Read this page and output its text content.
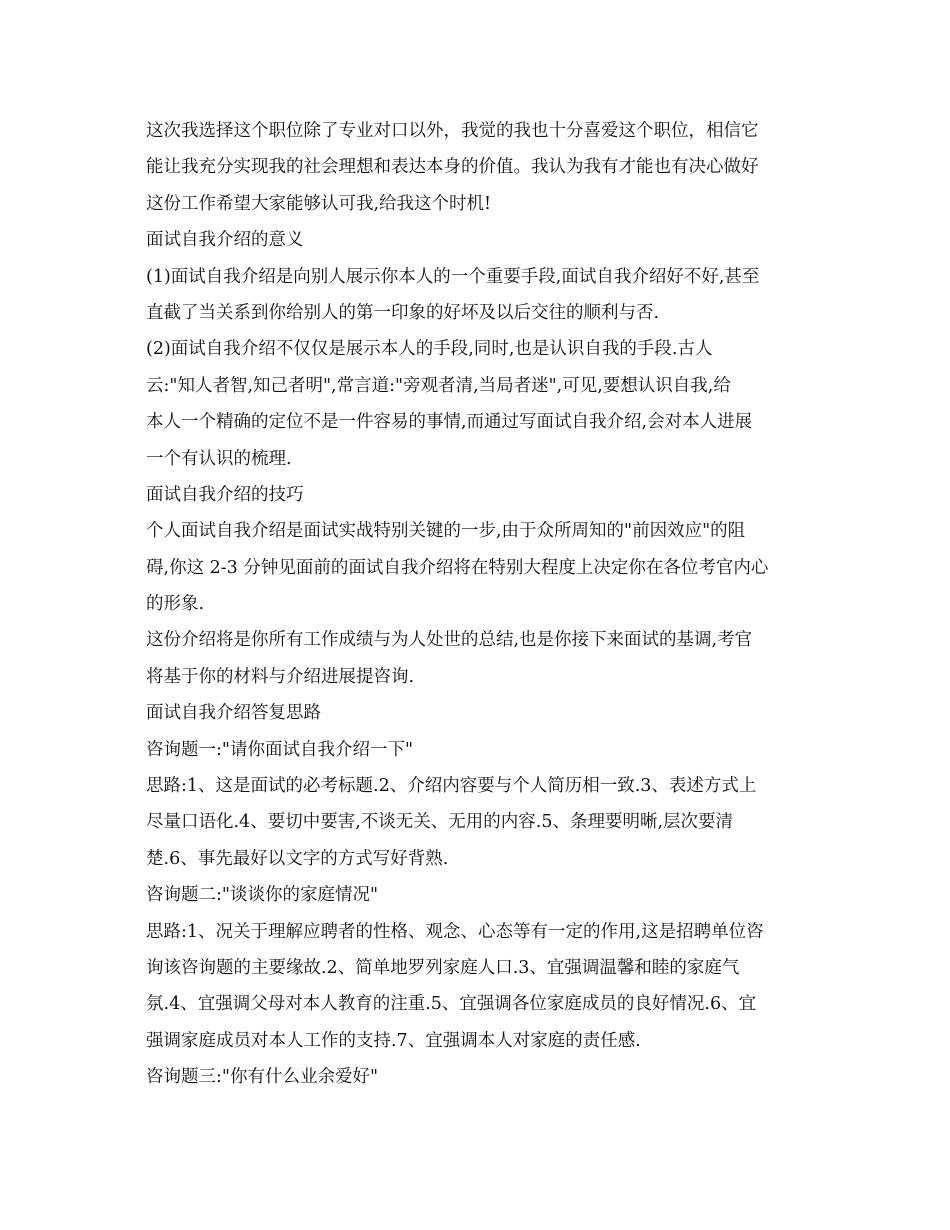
这次我选择这个职位除了专业对口以外，我觉的我也十分喜爱这个职位，相信它
能让我充分实现我的社会理想和表达本身的价值。我认为我有才能也有决心做好
这份工作希望大家能够认可我,给我这个时机!
面试自我介绍的意义
(1)面试自我介绍是向别人展示你本人的一个重要手段,面试自我介绍好不好,甚至
直截了当关系到你给别人的第一印象的好坏及以后交往的顺利与否.
(2)面试自我介绍不仅仅是展示本人的手段,同时,也是认识自我的手段.古人
云:"知人者智,知己者明",常言道:"旁观者清,当局者迷",可见,要想认识自我,给
本人一个精确的定位不是一件容易的事情,而通过写面试自我介绍,会对本人进展
一个有认识的梳理.
面试自我介绍的技巧
个人面试自我介绍是面试实战特别关键的一步,由于众所周知的"前因效应"的阻
碍,你这 2-3 分钟见面前的面试自我介绍将在特别大程度上决定你在各位考官内心
的形象.
这份介绍将是你所有工作成绩与为人处世的总结,也是你接下来面试的基调,考官
将基于你的材料与介绍进展提咨询.
面试自我介绍答复思路
咨询题一:"请你面试自我介绍一下"
思路:1、这是面试的必考标题.2、介绍内容要与个人简历相一致.3、表述方式上
尽量口语化.4、要切中要害,不谈无关、无用的内容.5、条理要明晰,层次要清
楚.6、事先最好以文字的方式写好背熟.
咨询题二:"谈谈你的家庭情况"
思路:1、况关于理解应聘者的性格、观念、心态等有一定的作用,这是招聘单位咨
询该咨询题的主要缘故.2、简单地罗列家庭人口.3、宜强调温馨和睦的家庭气
氛.4、宜强调父母对本人教育的注重.5、宜强调各位家庭成员的良好情况.6、宜
强调家庭成员对本人工作的支持.7、宜强调本人对家庭的责任感.
咨询题三:"你有什么业余爱好"
